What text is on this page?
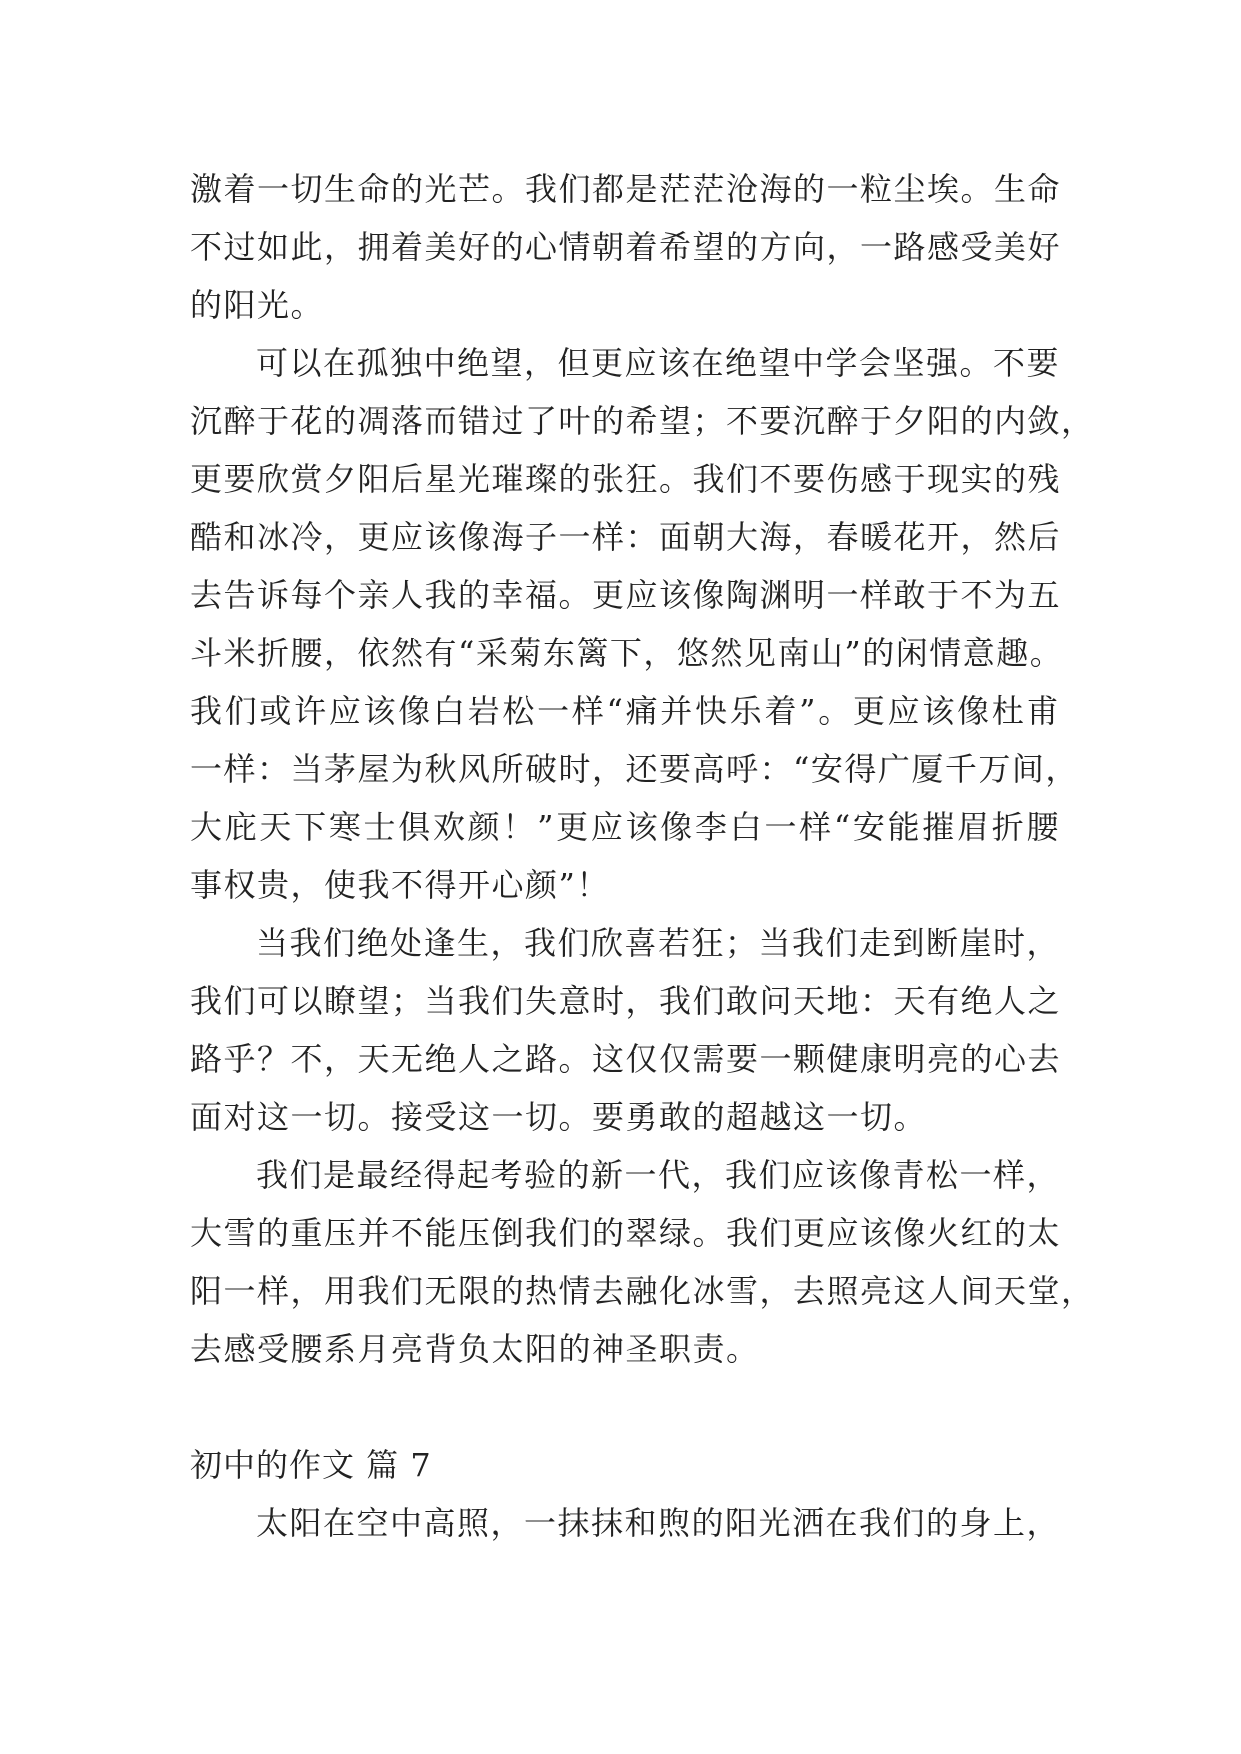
激着一切生命的光芒。我们都是茫茫沧海的一粒尘埃。生命
不过如此，拥着美好的心情朝着希望的方向，一路感受美好
的阳光。
可以在孤独中绝望，但更应该在绝望中学会坚强。不要
沉醉于花的凋落而错过了叶的希望；不要沉醉于夕阳的内敛，
更要欣赏夕阳后星光璀璨的张狂。我们不要伤感于现实的残
酷和冰冷，更应该像海子一样：面朝大海，春暖花开，然后
去告诉每个亲人我的幸福。更应该像陶渊明一样敢于不为五
斗米折腰，依然有“采菊东篱下，悠然见南山”的闲情意趣。
我们或许应该像白岩松一样“痛并快乐着”。更应该像杜甫
一样：当茅屋为秋风所破时，还要高呼：“安得广厦千万间，
大庇天下寒士俱欢颜！”更应该像李白一样“安能摧眉折腰
事权贵，使我不得开心颜”！
当我们绝处逢生，我们欣喜若狂；当我们走到断崖时，
我们可以瞭望；当我们失意时，我们敢问天地：天有绝人之
路乎？不，天无绝人之路。这仅仅需要一颗健康明亮的心去
面对这一切。接受这一切。要勇敢的超越这一切。
我们是最经得起考验的新一代，我们应该像青松一样，
大雪的重压并不能压倒我们的翠绿。我们更应该像火红的太
阳一样，用我们无限的热情去融化冰雪，去照亮这人间天堂，
去感受腰系月亮背负太阳的神圣职责。
初中的作文 篇 7
太阳在空中高照，一抹抹和煦的阳光洒在我们的身上，
